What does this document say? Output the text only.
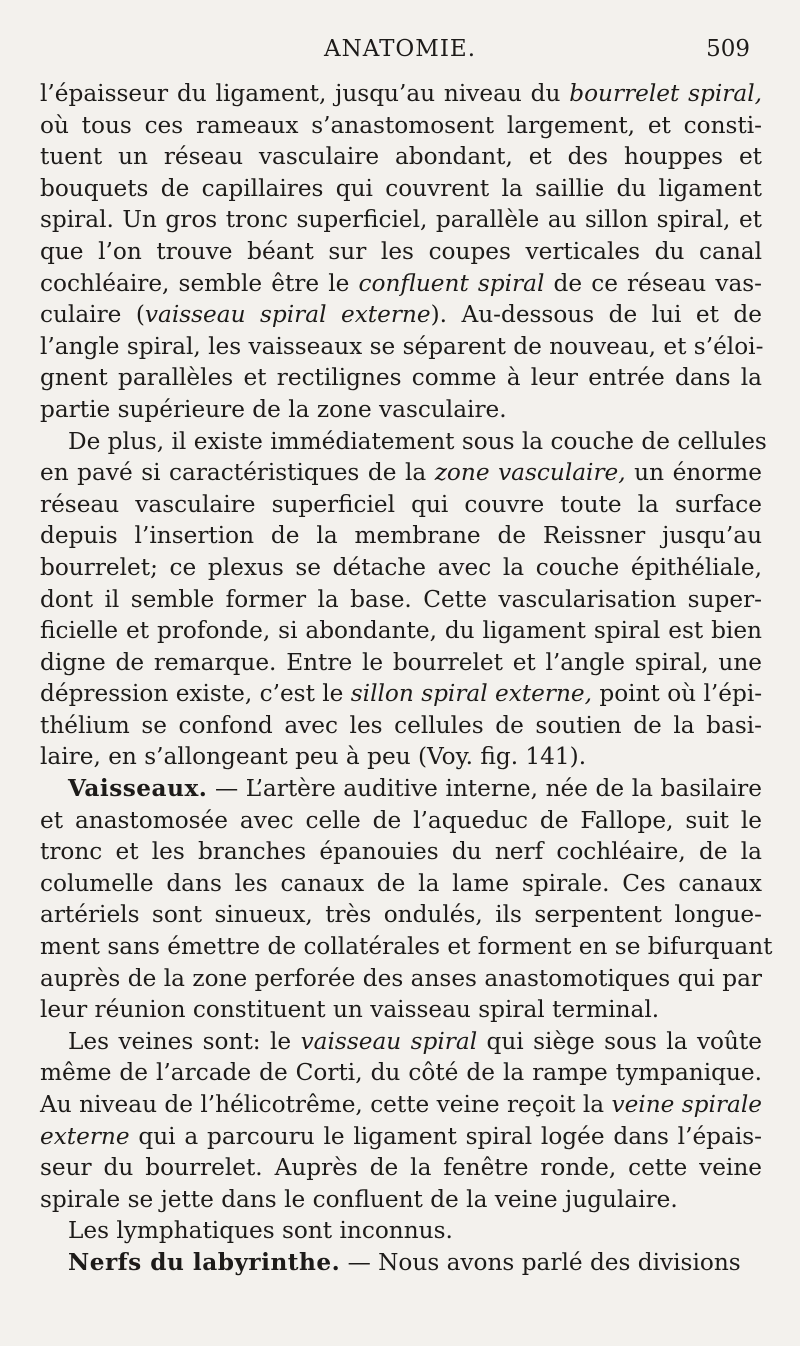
ANATOMIE.	509

l’épaisseur du ligament, jusqu’au niveau du bourrelet spiral,
où tous ces rameaux s’anastomosent largement, et consti-
tuent un réseau vasculaire abondant, et des houppes et
bouquets de capillaires qui couvrent la saillie du ligament
spiral. Un gros tronc superficiel, parallèle au sillon spiral, et
que l’on trouve béant sur les coupes verticales du canal
cochléaire, semble être le confluent spiral de ce réseau vas-
culaire (vaisseau spiral externe). Au-dessous de lui et de
l’angle spiral, les vaisseaux se séparent de nouveau, et s’éloi-
gnent parallèles et rectilignes comme à leur entrée dans la
partie supérieure de la zone vasculaire.

De plus, il existe immédiatement sous la couche de cellules
en pavé si caractéristiques de la zone vasculaire, un énorme
réseau vasculaire superficiel qui couvre toute la surface
depuis l’insertion de la membrane de Reissner jusqu’au
bourrelet; ce plexus se détache avec la couche épithéliale,
dont il semble former la base. Cette vascularisation super-
ficielle et profonde, si abondante, du ligament spiral est bien
digne de remarque. Entre le bourrelet et l’angle spiral, une
dépression existe, c’est le sillon spiral externe, point où l’épi-
thélium se confond avec les cellules de soutien de la basi-
laire, en s’allongeant peu à peu (Voy. fig. 141).

Vaisseaux. — L’artère auditive interne, née de la basilaire
et anastomosée avec celle de l’aqueduc de Fallope, suit le
tronc et les branches épanouies du nerf cochléaire, de la
columelle dans les canaux de la lame spirale. Ces canaux
artériels sont sinueux, très ondulés, ils serpentent longue-
ment sans émettre de collatérales et forment en se bifurquant
auprès de la zone perforée des anses anastomotiques qui par
leur réunion constituent un vaisseau spiral terminal.

Les veines sont: le vaisseau spiral qui siège sous la voûte
même de l’arcade de Corti, du côté de la rampe tympanique.
Au niveau de l’hélicotrême, cette veine reçoit la veine spirale
externe qui a parcouru le ligament spiral logée dans l’épais-
seur du bourrelet. Auprès de la fenêtre ronde, cette veine
spirale se jette dans le confluent de la veine jugulaire.

Les lymphatiques sont inconnus.

Nerfs du labyrinthe. — Nous avons parlé des divisions
